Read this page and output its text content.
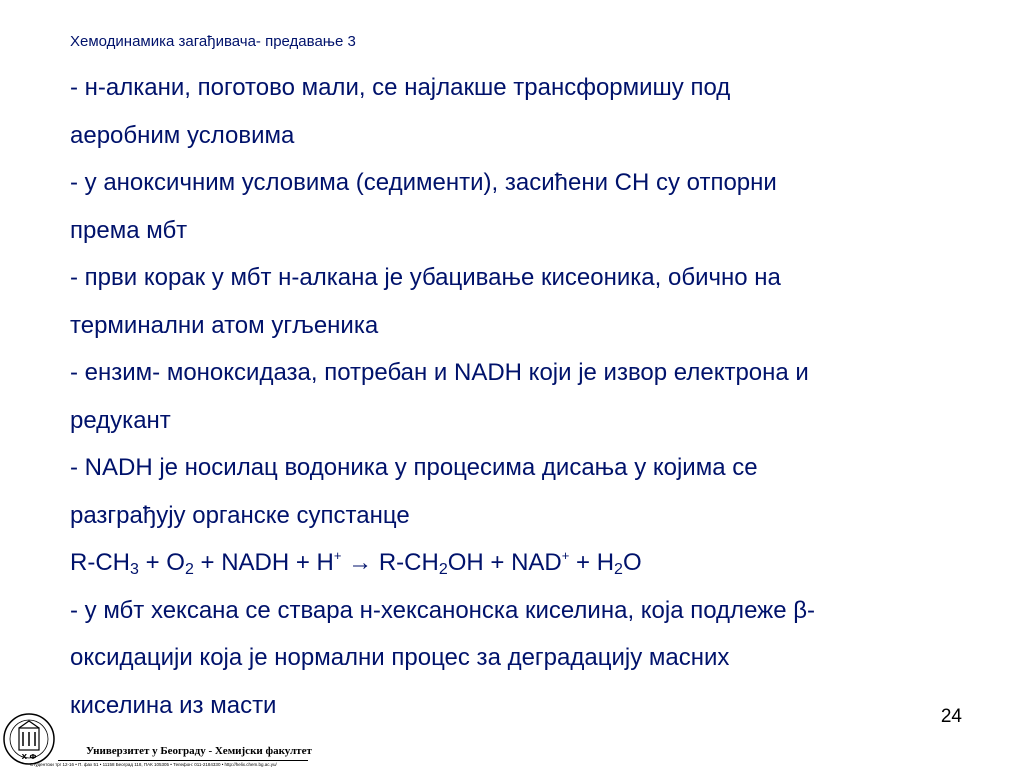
Хемодинамика загађивача- предавање 3
- н-алкани, поготово мали, се најлакше трансформишу под
аеробним условима
- у аноксичним условима (седименти), засићени CH су отпорни
према мбт
- први корак у мбт н-алкана је убацивање кисеоника, обично на
терминални атом угљеника
- ензим- моноксидаза, потребан и NADH који је извор електрона и
редукант
- NADH је носилац водоника у процесима дисања у којима се
разграђују органске супстанце
$R-CH_3 + O_2$ + NADH + $H^+ \to R-CH_2OH + NAD^+ + H_2O$
- у мбт хексана се ствара н-хексанонска киселина, која подлеже β-
оксидацији која је нормални процес за деградацију масних
киселина из масти	24
Х Ф	Универзитет у Београду - Хемијски факултет
Студентски трг 12-16 • П. фах 51 • 11158 Београд 118, ПАК 105305 • Телефон: 011-2184330 • http://helix.chem.bg.ac.yu/
